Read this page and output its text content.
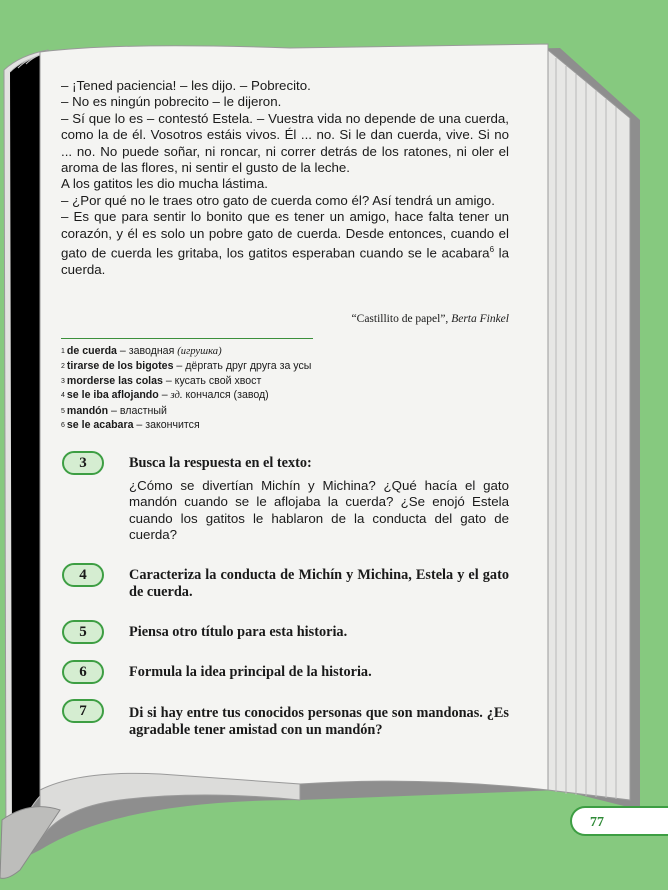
– ¡Tened paciencia! – les dijo. – Pobrecito.

– No es ningún pobrecito – le dijeron.

– Sí que lo es – contestó Estela. – Vuestra vida no depende de una cuerda, como la de él. Vosotros estáis vivos. Él ... no. Si le dan cuerda, vive. Si no ... no. No puede soñar, ni roncar, ni correr detrás de los ratones, ni oler el aroma de las flores, ni sentir el gusto de la leche.

A los gatitos les dio mucha lástima.

– ¿Por qué no le traes otro gato de cuerda como él? Así tendrá un amigo.

– Es que para sentir lo bonito que es tener un amigo, hace falta tener un corazón, y él es solo un pobre gato de cuerda. Desde entonces, cuando el gato de cuerda les gritaba, los gatitos esperaban cuando se le acabara$^6$ la cuerda.

“Castillito de papel”, Berta Finkel
$^1$ de cuerda – заводная (игрушка)
$^2$ tirarse de los bigotes – дёргать друг друга за усы
$^3$ morderse las colas – кусать свой хвост
$^4$ se le iba aflojando – зд. кончался (завод)
$^5$ mandón – властный
$^6$ se le acabara – закончится
3	Busca la respuesta en el texto:
¿Cómo se divertían Michín y Michina? ¿Qué hacía el gato mandón cuando se le aflojaba la cuerda? ¿Se enojó Estela cuando los gatitos le hablaron de la conducta del gato de cuerda?
4	Caracteriza la conducta de Michín y Michina, Estela y el gato de cuerda.
5	Piensa otro título para esta historia.
6	Formula la idea principal de la historia.
7	Di si hay entre tus conocidos personas que son mandonas. ¿Es agradable tener amistad con un mandón?
77
